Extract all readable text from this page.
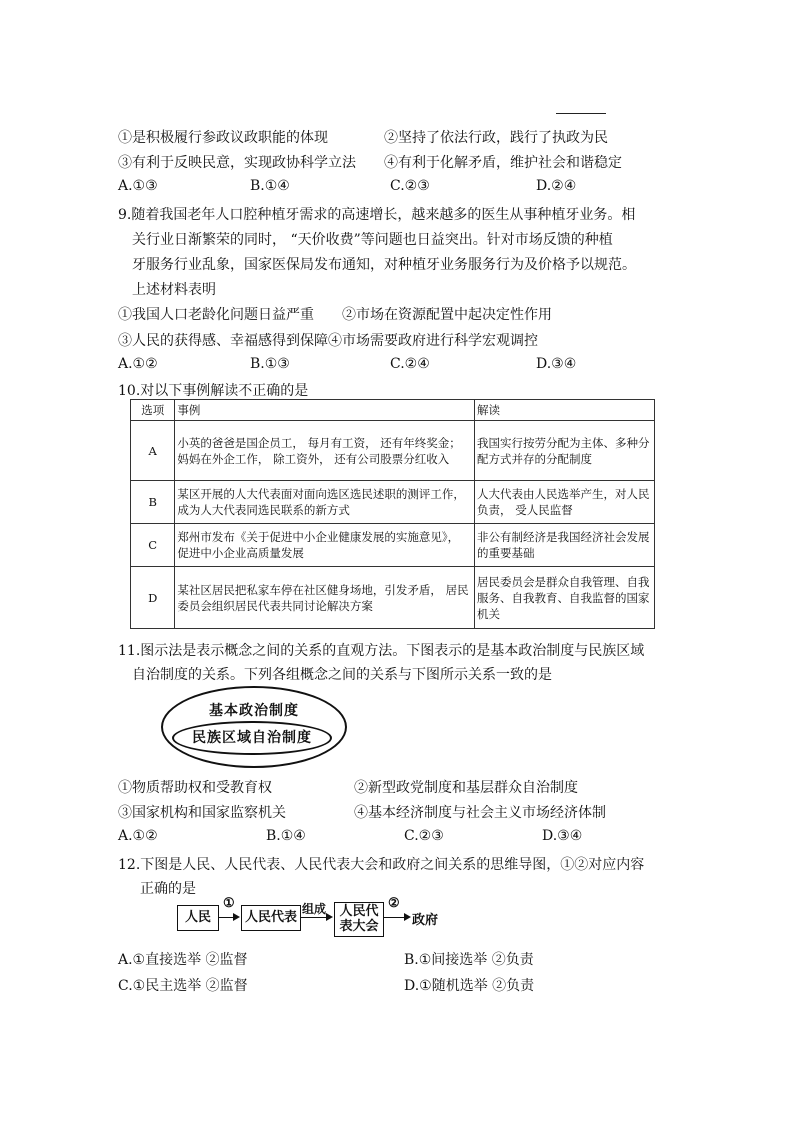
①是积极履行参政议政职能的体现	②坚持了依法行政，践行了执政为民
③有利于反映民意，实现政协科学立法 ④有利于化解矛盾，维护社会和谐稳定
A.①③	B.①④	C.②③	D.②④
9.随着我国老年人口腔种植牙需求的高速增长，越来越多的医生从事种植牙业务。相
关行业日渐繁荣的同时， “天价收费”等问题也日益突出。针对市场反馈的种植
牙服务行业乱象，国家医保局发布通知，对种植牙业务服务行为及价格予以规范。
上述材料表明
①我国人口老龄化问题日益严重 ②市场在资源配置中起决定性作用
③人民的获得感、幸福感得到保障④市场需要政府进行科学宏观调控
A.①②	B.①③	C.②④	D.③④
10.对以下事例解读不正确的是
选项	事例	解读
A	小英的爸爸是国企员工， 每月有工资， 还有年终奖金； 妈妈在外企工作， 除工资外， 还有公司股票分红收入	我国实行按劳分配为主体、多种分配方式并存的分配制度
B	某区开展的人大代表面对面向选区选民述职的测评工作， 成为人大代表同选民联系的新方式	人大代表由人民选举产生，对人民负责， 受人民监督
C	郑州市发布《关于促进中小企业健康发展的实施意见》， 促进中小企业高质量发展	非公有制经济是我国经济社会发展的重要基础
D	某社区居民把私家车停在社区健身场地，引发矛盾， 居民委员会组织居民代表共同讨论解决方案	居民委员会是群众自我管理、自我服务、自我教育、自我监督的国家机关
11.图示法是表示概念之间的关系的直观方法。下图表示的是基本政治制度与民族区域
自治制度的关系。下列各组概念之间的关系与下图所示关系一致的是
基本政治制度
民族区域自治制度
①物质帮助权和受教育权	②新型政党制度和基层群众自治制度
③国家机构和国家监察机关	④基本经济制度与社会主义市场经济体制
A.①②	B.①④	C.②③	D.③④
12.下图是人民、人民代表、人民代表大会和政府之间关系的思维导图，①②对应内容
正确的是
人民
①
人民代表
组成	人民代
表大会
②
政府
A.①直接选举 ②监督	B.①间接选举 ②负责
C.①民主选举 ②监督	D.①随机选举 ②负责
